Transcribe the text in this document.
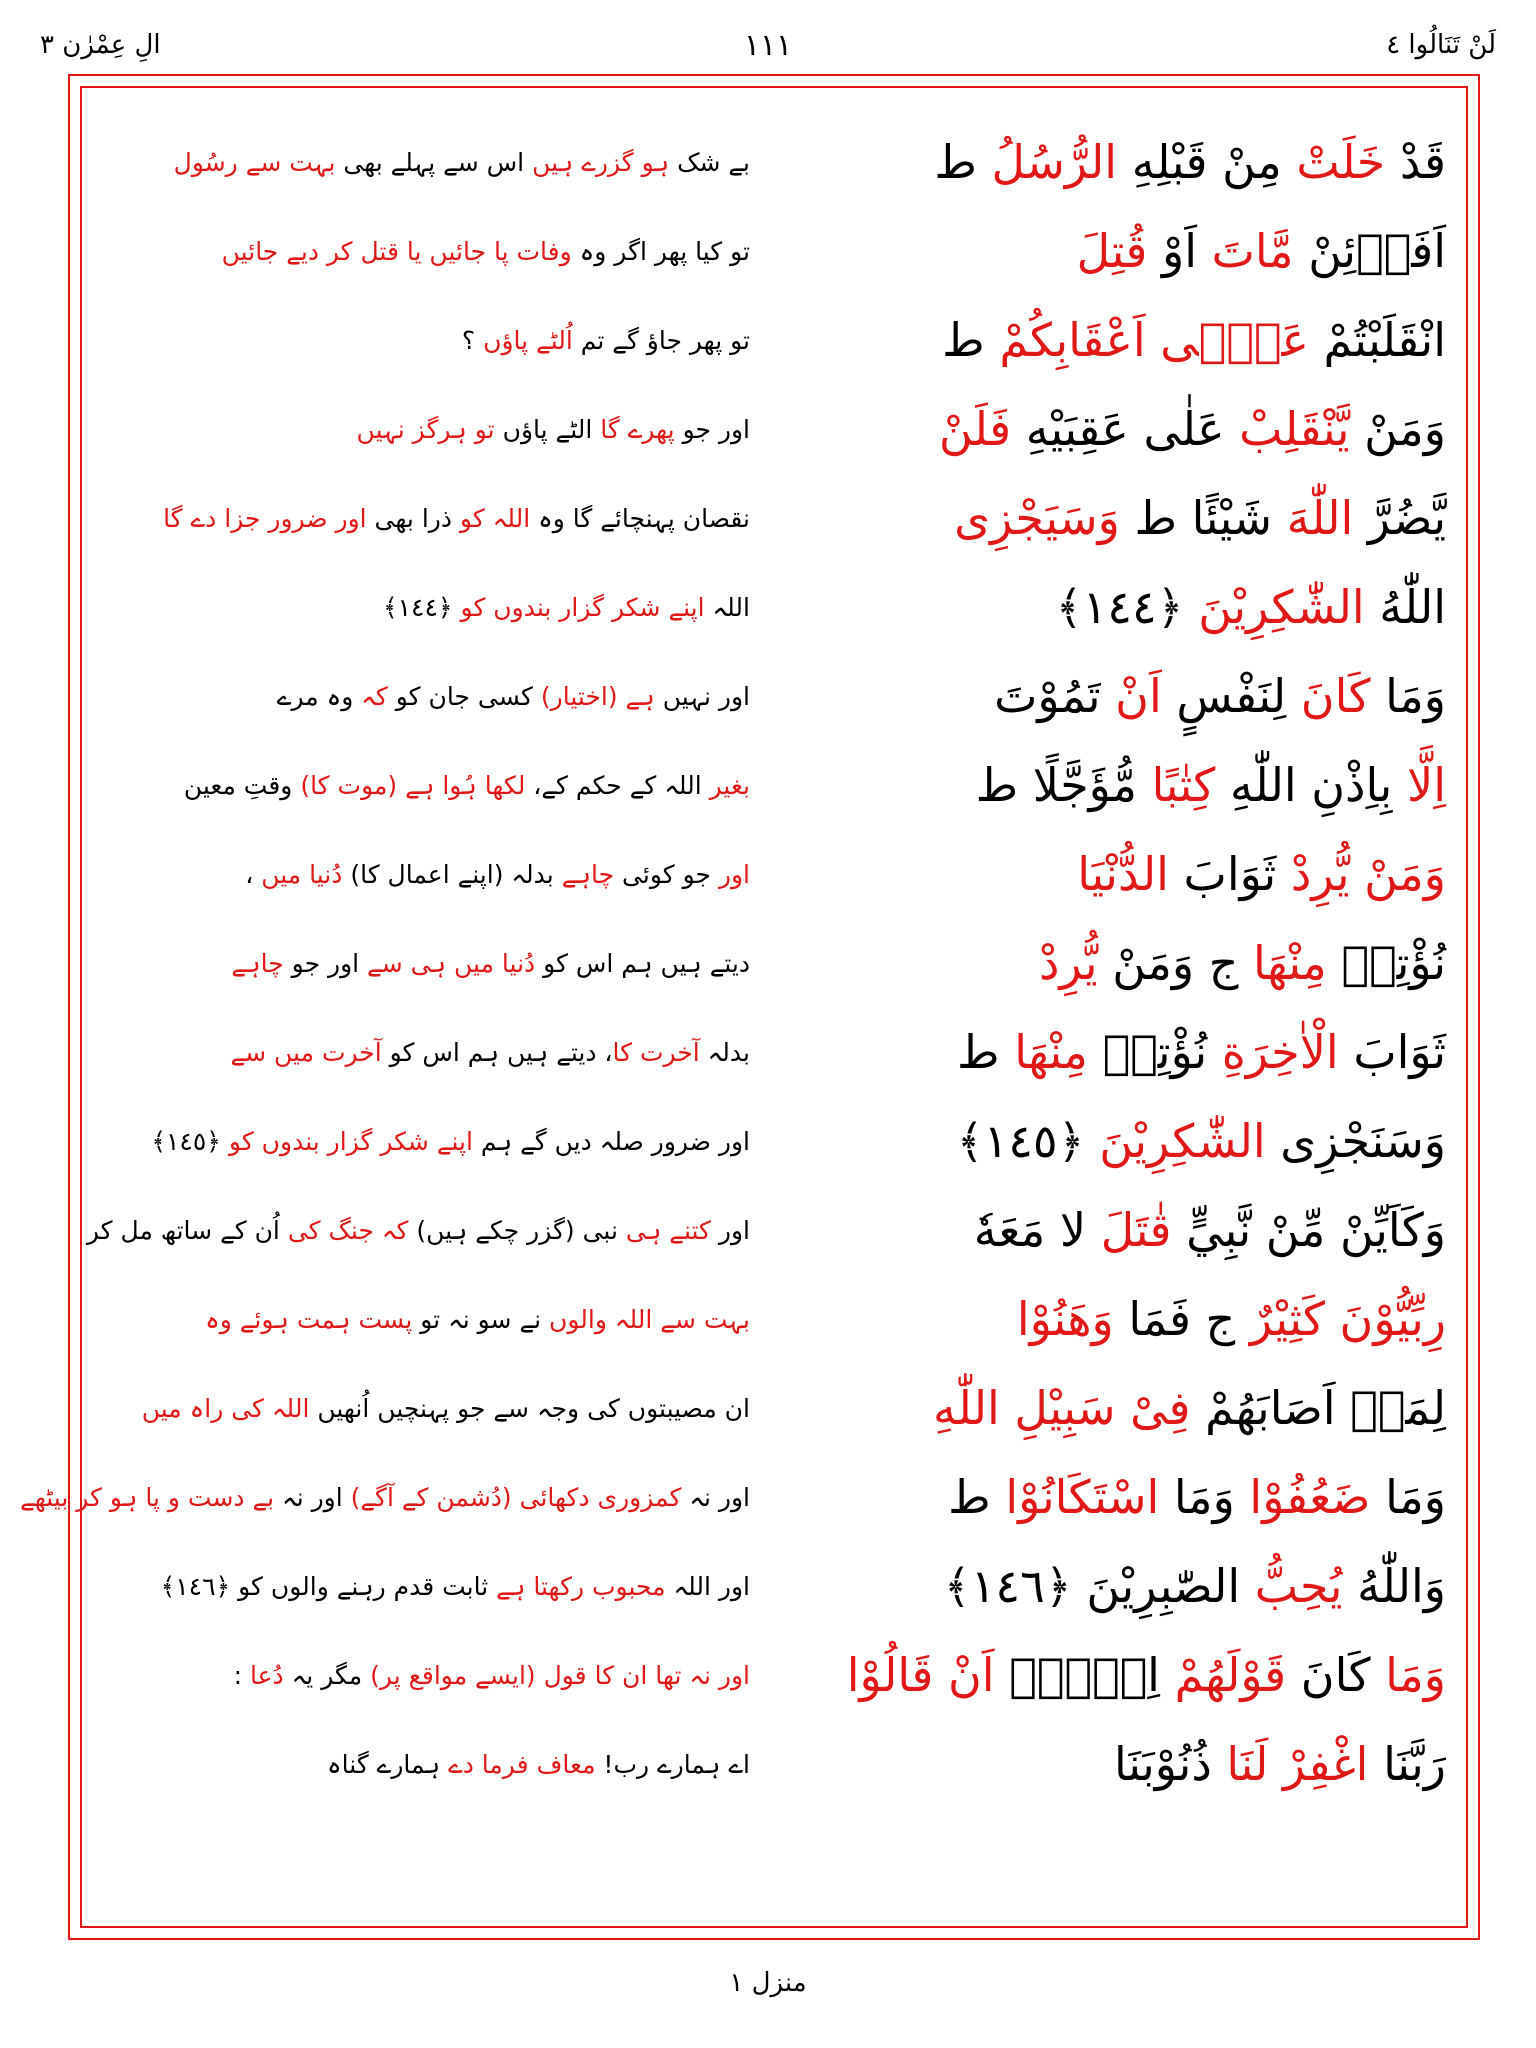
الِ عِمْرٰن ٣	١١١	لَنْ تَنَالُوا ٤
قَدْ خَلَتْ مِنْ قَبْلِهِ الرُّسُلُ ط
بے شک ہو گزرے ہیں اس سے پہلے بھی بہت سے رسُول
اَفَاۡئِنْ مَّاتَ اَوْ قُتِلَ
تو کیا پھر اگر وہ وفات پا جائیں یا قتل کر دیے جائیں
انْقَلَبْتُمْ عَلٰۤى اَعْقَابِكُمْ ط
تو پھر جاؤ گے تم اُلٹے پاؤں ؟
وَمَنْ يَّنْقَلِبْ عَلٰى عَقِبَيْهِ فَلَنْ
اور جو پھرے گا الٹے پاؤں تو ہرگز نہیں
يَّضُرَّ اللّٰهَ شَيْئًا ط وَسَيَجْزِى
نقصان پہنچائے گا وہ اللہ کو ذرا بھی اور ضرور جزا دے گا
اللّٰهُ الشّٰكِرِيْنَ ﴿١٤٤﴾
اللہ اپنے شکر گزار بندوں کو ﴿١٤٤﴾
وَمَا كَانَ لِنَفْسٍ اَنْ تَمُوْتَ
اور نہیں ہے (اختیار) کسی جان کو کہ وہ مرے
اِلَّا بِاِذْنِ اللّٰهِ كِتٰبًا مُّؤَجَّلًا ط
بغیر اللہ کے حکم کے، لکھا ہُوا ہے (موت کا) وقتِ معین
وَمَنْ يُّرِدْ ثَوَابَ الدُّنْيَا
اور جو کوئی چاہے بدلہ (اپنے اعمال کا) دُنیا میں ،
نُؤْتِهٖ مِنْهَا ج وَمَنْ يُّرِدْ
دیتے ہیں ہم اس کو دُنیا میں ہی سے اور جو چاہے
ثَوَابَ الْاٰخِرَةِ نُؤْتِهٖ مِنْهَا ط
بدلہ آخرت کا، دیتے ہیں ہم اس کو آخرت میں سے
وَسَنَجْزِى الشّٰكِرِيْنَ ﴿١٤٥﴾
اور ضرور صلہ دیں گے ہم اپنے شکر گزار بندوں کو ﴿١٤٥﴾
وَكَاَيِّنْ مِّنْ نَّبِيٍّ قٰتَلَ لا مَعَهٗ
اور کتنے ہی نبی (گزر چکے ہیں) کہ جنگ کی اُن کے ساتھ مل کر
رِبِّيُّوْنَ كَثِيْرٌ ج فَمَا وَهَنُوْا
بہت سے اللہ والوں نے سو نہ تو پست ہمت ہوئے وہ
لِمَاۤ اَصَابَهُمْ فِىْ سَبِيْلِ اللّٰهِ
ان مصیبتوں کی وجہ سے جو پہنچیں اُنھیں اللہ کی راہ میں
وَمَا ضَعُفُوْا وَمَا اسْتَكَانُوْا ط
اور نہ کمزوری دکھائی (دُشمن کے آگے) اور نہ بے دست و پا ہو کر بیٹھے
وَاللّٰهُ يُحِبُّ الصّٰبِرِيْنَ ﴿١٤٦﴾
اور اللہ محبوب رکھتا ہے ثابت قدم رہنے والوں کو ﴿١٤٦﴾
وَمَا كَانَ قَوْلَهُمْ اِلَّاۤ اَنْ قَالُوْا
اور نہ تھا ان کا قول (ایسے مواقع پر) مگر یہ دُعا :
رَبَّنَا اغْفِرْ لَنَا ذُنُوْبَنَا
اے ہمارے رب! معاف فرما دے ہمارے گناہ
منزل ١
